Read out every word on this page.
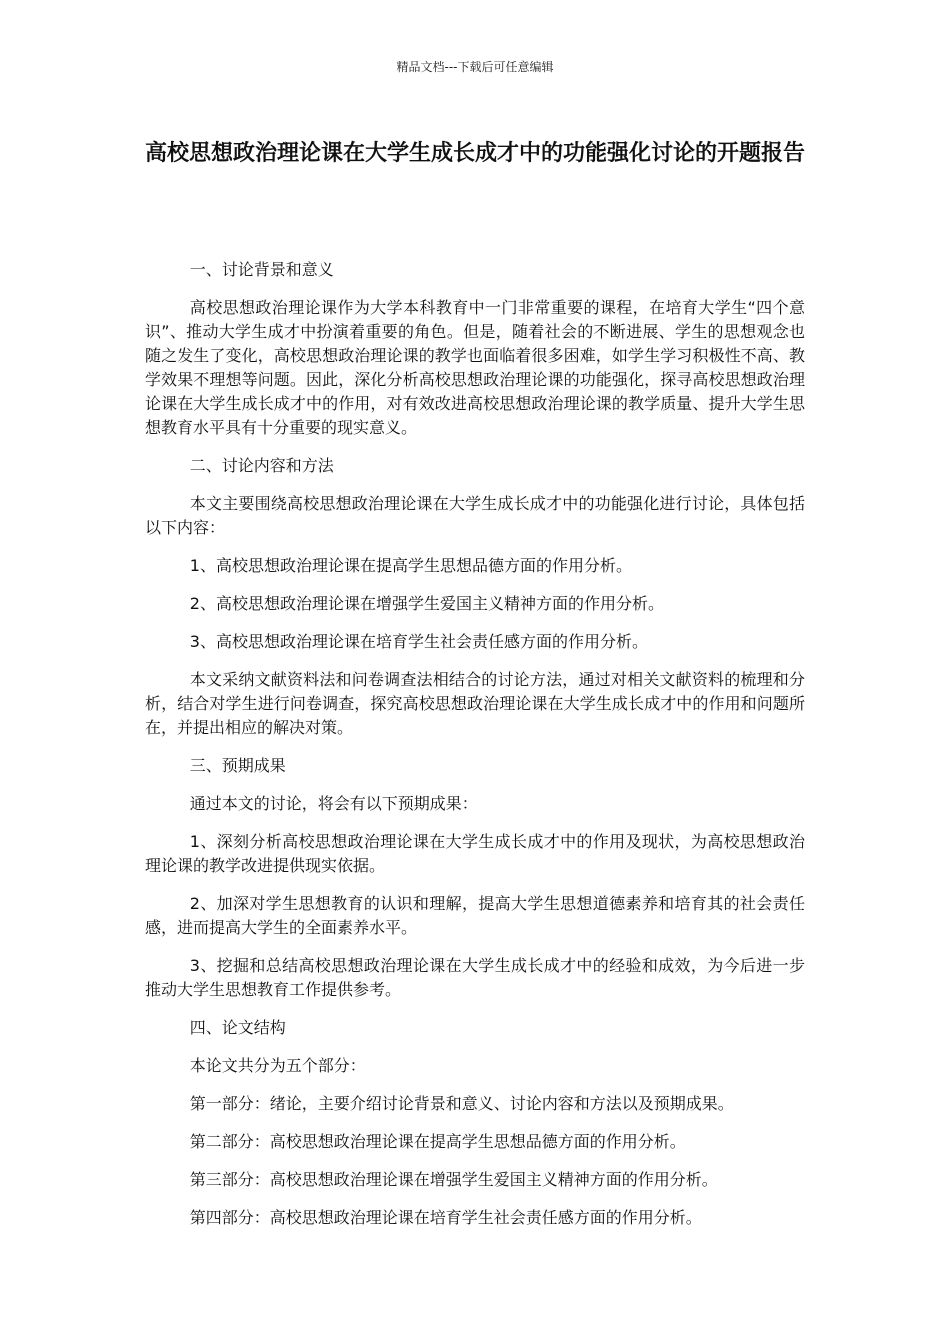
精品文档---下载后可任意编辑
高校思想政治理论课在大学生成长成才中的功能强化讨论的开题报告

一、讨论背景和意义

高校思想政治理论课作为大学本科教育中一门非常重要的课程，在培育大学生“四个意识”、推动大学生成才中扮演着重要的角色。但是，随着社会的不断进展、学生的思想观念也随之发生了变化，高校思想政治理论课的教学也面临着很多困难，如学生学习积极性不高、教学效果不理想等问题。因此，深化分析高校思想政治理论课的功能强化，探寻高校思想政治理论课在大学生成长成才中的作用，对有效改进高校思想政治理论课的教学质量、提升大学生思想教育水平具有十分重要的现实意义。

二、讨论内容和方法

本文主要围绕高校思想政治理论课在大学生成长成才中的功能强化进行讨论，具体包括以下内容：

1、高校思想政治理论课在提高学生思想品德方面的作用分析。

2、高校思想政治理论课在增强学生爱国主义精神方面的作用分析。

3、高校思想政治理论课在培育学生社会责任感方面的作用分析。

本文采纳文献资料法和问卷调查法相结合的讨论方法，通过对相关文献资料的梳理和分析，结合对学生进行问卷调查，探究高校思想政治理论课在大学生成长成才中的作用和问题所在，并提出相应的解决对策。

三、预期成果

通过本文的讨论，将会有以下预期成果：

1、深刻分析高校思想政治理论课在大学生成长成才中的作用及现状，为高校思想政治理论课的教学改进提供现实依据。

2、加深对学生思想教育的认识和理解，提高大学生思想道德素养和培育其的社会责任感，进而提高大学生的全面素养水平。

3、挖掘和总结高校思想政治理论课在大学生成长成才中的经验和成效，为今后进一步推动大学生思想教育工作提供参考。

四、论文结构

本论文共分为五个部分：

第一部分：绪论，主要介绍讨论背景和意义、讨论内容和方法以及预期成果。

第二部分：高校思想政治理论课在提高学生思想品德方面的作用分析。

第三部分：高校思想政治理论课在增强学生爱国主义精神方面的作用分析。

第四部分：高校思想政治理论课在培育学生社会责任感方面的作用分析。
